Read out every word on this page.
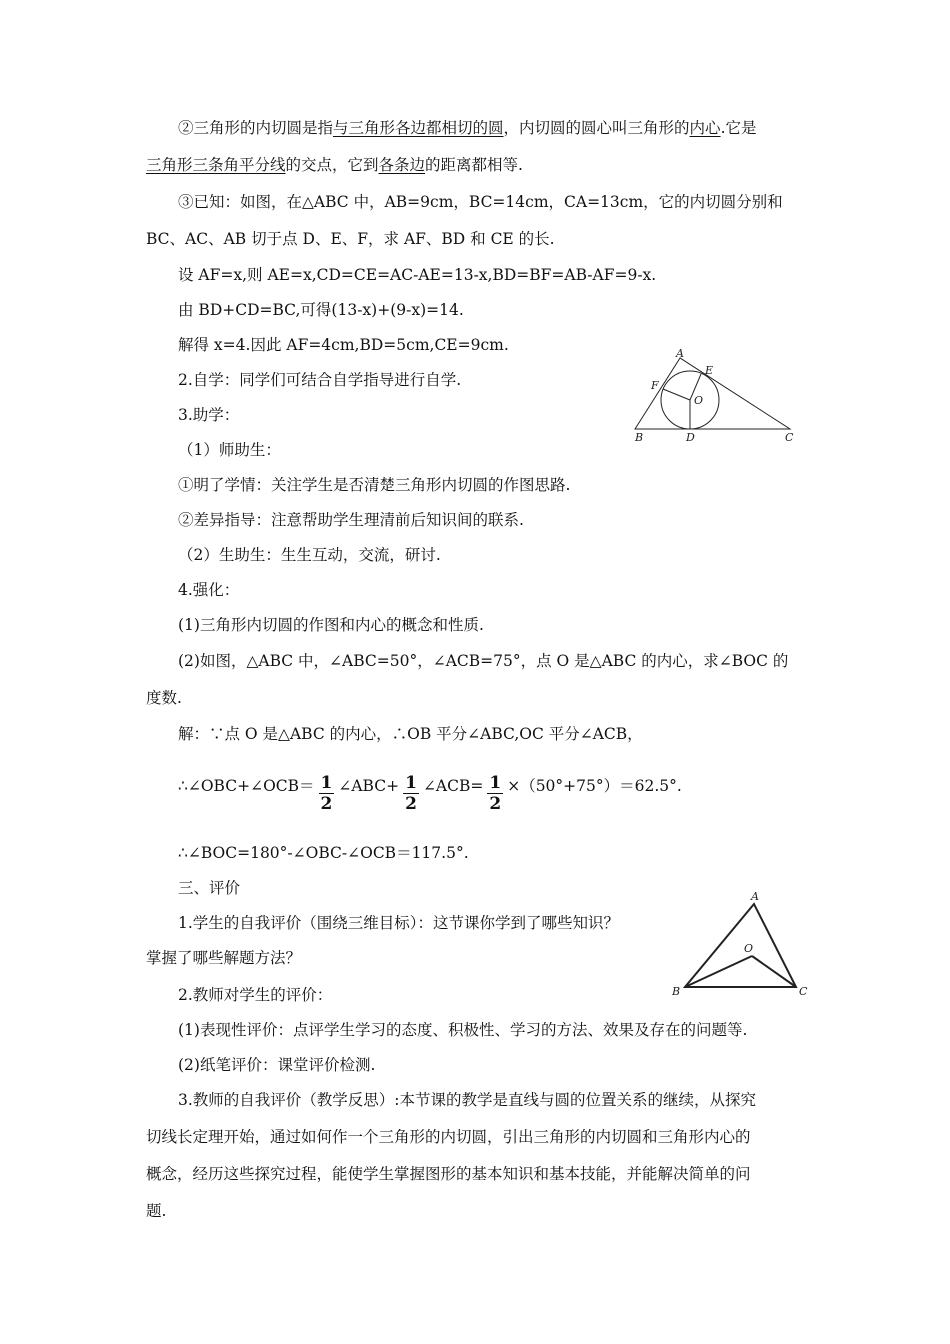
②三角形的内切圆是指与三角形各边都相切的圆，内切圆的圆心叫三角形的内心.它是
三角形三条角平分线的交点，它到各条边的距离都相等.
③已知：如图，在△ABC 中，AB=9cm，BC=14cm，CA=13cm，它的内切圆分别和
BC、AC、AB 切于点 D、E、F，求 AF、BD 和 CE 的长.
设 AF=x,则 AE=x,CD=CE=AC-AE=13-x,BD=BF=AB-AF=9-x.
由 BD+CD=BC,可得(13-x)+(9-x)=14.
解得 x=4.因此 AF=4cm,BD=5cm,CE=9cm.
2.自学：同学们可结合自学指导进行自学.
3.助学：
（1）师助生：
①明了学情：关注学生是否清楚三角形内切圆的作图思路.
②差异指导：注意帮助学生理清前后知识间的联系.
（2）生助生：生生互动，交流，研讨.
4.强化：
(1)三角形内切圆的作图和内心的概念和性质.
(2)如图，△ABC 中，∠ABC=50°，∠ACB=75°，点 O 是△ABC 的内心，求∠BOC 的
度数.
解：∵点 O 是△ABC 的内心，∴OB 平分∠ABC,OC 平分∠ACB，
∴∠OBC+∠OCB＝ $\frac{1}{2}$ ∠ABC+ $\frac{1}{2}$ ∠ACB= $\frac{1}{2} \times(50^\circ+75^\circ)=62.5^\circ$.
∴∠BOC=180°-∠OBC-∠OCB＝117.5°.
三、评价
1.学生的自我评价（围绕三维目标）：这节课你学到了哪些知识？
掌握了哪些解题方法？
2.教师对学生的评价：
(1)表现性评价：点评学生学习的态度、积极性、学习的方法、效果及存在的问题等.
(2)纸笔评价：课堂评价检测.
3.教师的自我评价（教学反思）:本节课的教学是直线与圆的位置关系的继续，从探究
切线长定理开始，通过如何作一个三角形的内切圆，引出三角形的内切圆和三角形内心的
概念，经历这些探究过程，能使学生掌握图形的基本知识和基本技能，并能解决简单的问
题.
A
B	C
D
E
F
O
A
B	C
O
